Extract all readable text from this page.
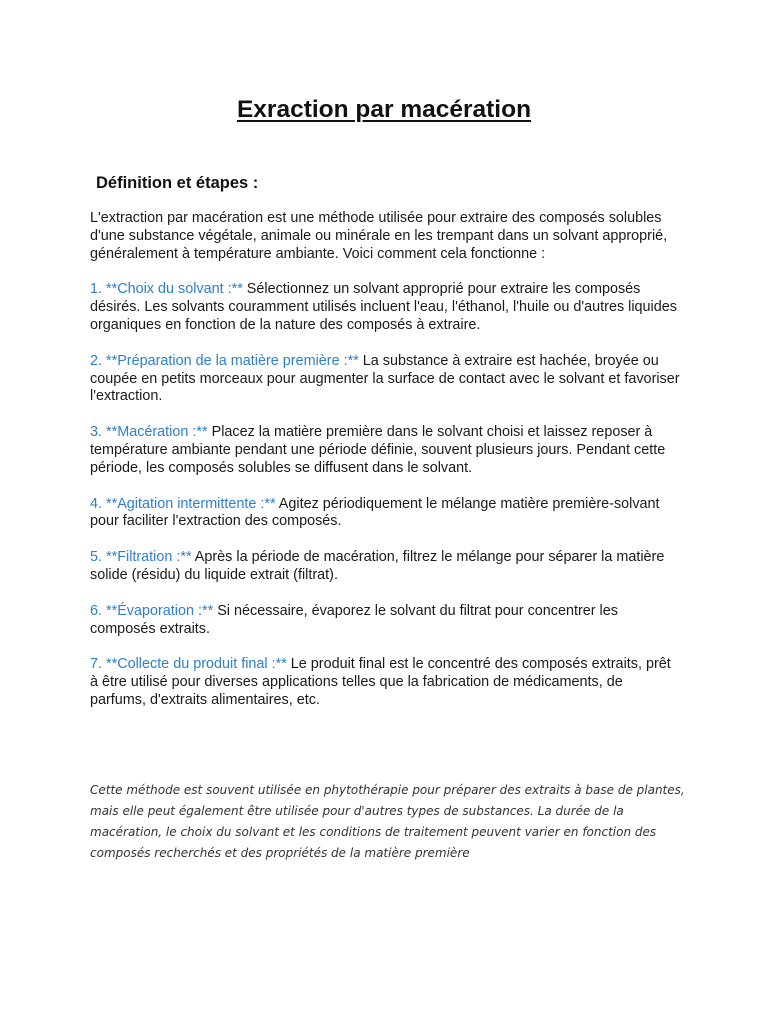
Exraction par macération
Définition et étapes :

L'extraction par macération est une méthode utilisée pour extraire des composés solubles d'une substance végétale, animale ou minérale en les trempant dans un solvant approprié, généralement à température ambiante. Voici comment cela fonctionne :

1. **Choix du solvant :** Sélectionnez un solvant approprié pour extraire les composés désirés. Les solvants couramment utilisés incluent l'eau, l'éthanol, l'huile ou d'autres liquides organiques en fonction de la nature des composés à extraire.

2. **Préparation de la matière première :** La substance à extraire est hachée, broyée ou coupée en petits morceaux pour augmenter la surface de contact avec le solvant et favoriser l'extraction.

3. **Macération :** Placez la matière première dans le solvant choisi et laissez reposer à température ambiante pendant une période définie, souvent plusieurs jours. Pendant cette période, les composés solubles se diffusent dans le solvant.

4. **Agitation intermittente :** Agitez périodiquement le mélange matière première-solvant pour faciliter l'extraction des composés.

5. **Filtration :** Après la période de macération, filtrez le mélange pour séparer la matière solide (résidu) du liquide extrait (filtrat).

6. **Évaporation :** Si nécessaire, évaporez le solvant du filtrat pour concentrer les composés extraits.

7. **Collecte du produit final :** Le produit final est le concentré des composés extraits, prêt à être utilisé pour diverses applications telles que la fabrication de médicaments, de parfums, d'extraits alimentaires, etc.

Cette méthode est souvent utilisée en phytothérapie pour préparer des extraits à base de plantes, mais elle peut également être utilisée pour d'autres types de substances. La durée de la macération, le choix du solvant et les conditions de traitement peuvent varier en fonction des composés recherchés et des propriétés de la matière première
